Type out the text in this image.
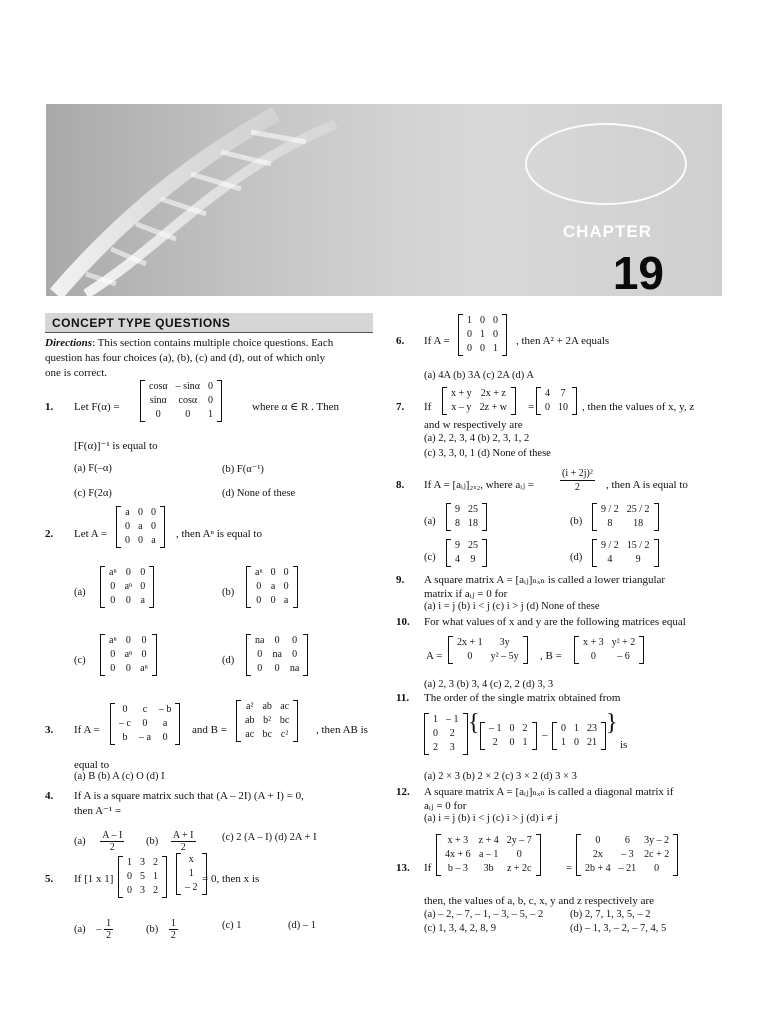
CHAPTER
19
CONCEPT TYPE QUESTIONS
Directions: This section contains multiple choice questions. Each
question has four choices (a), (b), (c) and (d), out of which only
one is correct.
1. Let F(α) =
cosα	– sinα	0
sinα	cosα	0
0	0	1
where α ∈ R . Then
[F(α)]⁻¹ is equal to
(a) F(–α)	(b) F(α⁻¹)
(c) F(2α)	(d) None of these
2. Let A =
a	0	0
0	a	0
0	0	a
, then Aⁿ is equal to
(a)
aⁿ	0	0
0	aⁿ	0
0	0	a
(b)
aⁿ	0	0
0	a	0
0	0	a
(c)
aⁿ	0	0
0	aⁿ	0
0	0	aⁿ
(d)
na	0	0
0	na	0
0	0	na
3. If A =
0	c	– b
– c	0	a
b	– a	0
and B =
a²	ab	ac
ab	b²	bc
ac	bc	c²	, then AB is
equal to
(a) B (b) A (c) O (d) I
4. If A is a square matrix such that (A – 2I) (A + I) = 0,
then A⁻¹ =
$(a) \frac{A - I}{2} (b) \frac{A + I}{2}$	(c) 2 (A – I) (d) 2A + I
5. If [1 x 1]
1	3	2
0	5	1
0	3	2
x
1
– 2
= 0, then x is
$(a) - \frac{1}{2}$	$(b) \frac{1}{2}$	(c) 1	(d) – 1
6. If A =
1	0	0
0	1	0
0	0	1
, then A² + 2A equals
(a) 4A (b) 3A (c) 2A (d) A
7. If
x + y	2x + z
x – y	2z + w =
4	7
0	10 , then the values of x, y, z
and w respectively are
(a) 2, 2, 3, 4 (b) 2, 3, 1, 2
(c) 3, 3, 0, 1 (d) None of these
8. If A = [aᵢⱼ]₂ₓ₂, where aᵢⱼ =	$\frac{\text{(i + 2j)²}}{2}$ , then A is equal to
(a)
9	25
8	18	(b)
9 / 2	25 / 2
8	18
(c)
9	25
4	9	(d)
9 / 2	15 / 2
4	9
9. A square matrix A = [aᵢⱼ]ₙₓₙ is called a lower triangular
matrix if aᵢⱼ = 0 for
(a) i = j (b) i < j (c) i > j (d) None of these
10. For what values of x and y are the following matrices equal
A =
2x + 1	3y
0	y² – 5y , B =
x + 3	y² + 2
0	– 6
(a) 2, 3 (b) 3, 4 (c) 2, 2 (d) 3, 3
11. The order of the single matrix obtained from
1	– 1
0	2
2	3
{ – 1	0	2
2	0	1
–
0	1	23
1	0	21
}
is
(a) 2 × 3 (b) 2 × 2 (c) 3 × 2 (d) 3 × 3
12. A square matrix A = [aᵢⱼ]ₙₓₙ is called a diagonal matrix if
aᵢⱼ = 0 for
(a) i = j (b) i < j (c) i > j (d) i ≠ j
13. If
x + 3	z + 4	2y – 7
4x + 6	a – 1	0
b – 3	3b	z + 2c	=
0	6	3y – 2
2x	– 3	2c + 2
2b + 4	– 21	0
then, the values of a, b, c, x, y and z respectively are
(a) – 2, – 7, – 1, – 3, – 5, – 2	(b) 2, 7, 1, 3, 5, – 2
(c) 1, 3, 4, 2, 8, 9	(d) – 1, 3, – 2, – 7, 4, 5
